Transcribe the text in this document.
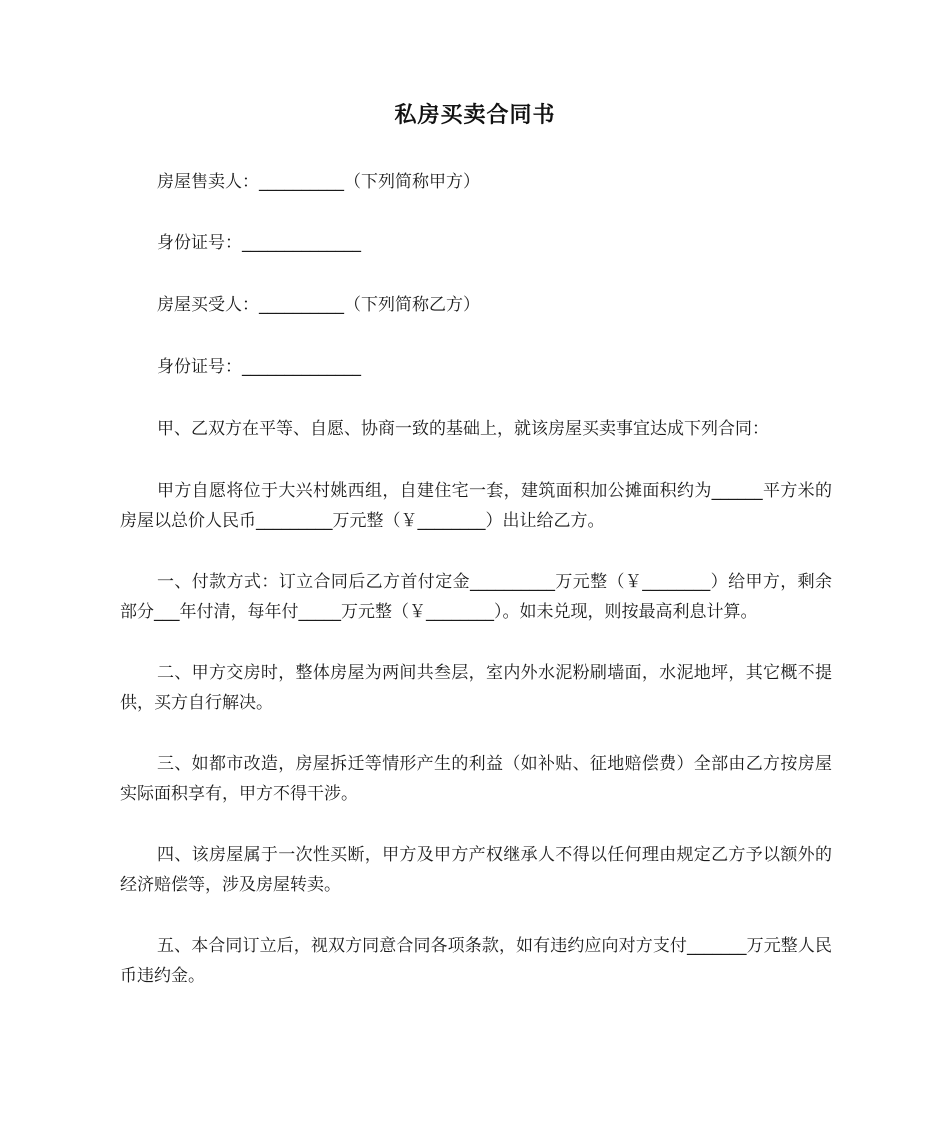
私房买卖合同书
房屋售卖人：__________（下列简称甲方）
身份证号：______________
房屋买受人：__________（下列简称乙方）
身份证号：______________
甲、乙双方在平等、自愿、协商一致的基础上，就该房屋买卖事宜达成下列合同：
甲方自愿将位于大兴村姚西组，自建住宅一套，建筑面积加公摊面积约为______平方米的房屋以总价人民币_________万元整（￥________）出让给乙方。
一、付款方式：订立合同后乙方首付定金__________万元整（￥________）给甲方，剩余部分___年付清，每年付_____万元整（￥________）。如未兑现，则按最高利息计算。
二、甲方交房时，整体房屋为两间共叁层，室内外水泥粉刷墙面，水泥地坪，其它概不提供，买方自行解决。
三、如都市改造，房屋拆迁等情形产生的利益（如补贴、征地赔偿费）全部由乙方按房屋实际面积享有，甲方不得干涉。
四、该房屋属于一次性买断，甲方及甲方产权继承人不得以任何理由规定乙方予以额外的经济赔偿等，涉及房屋转卖。
五、本合同订立后，视双方同意合同各项条款，如有违约应向对方支付_______万元整人民币违约金。
